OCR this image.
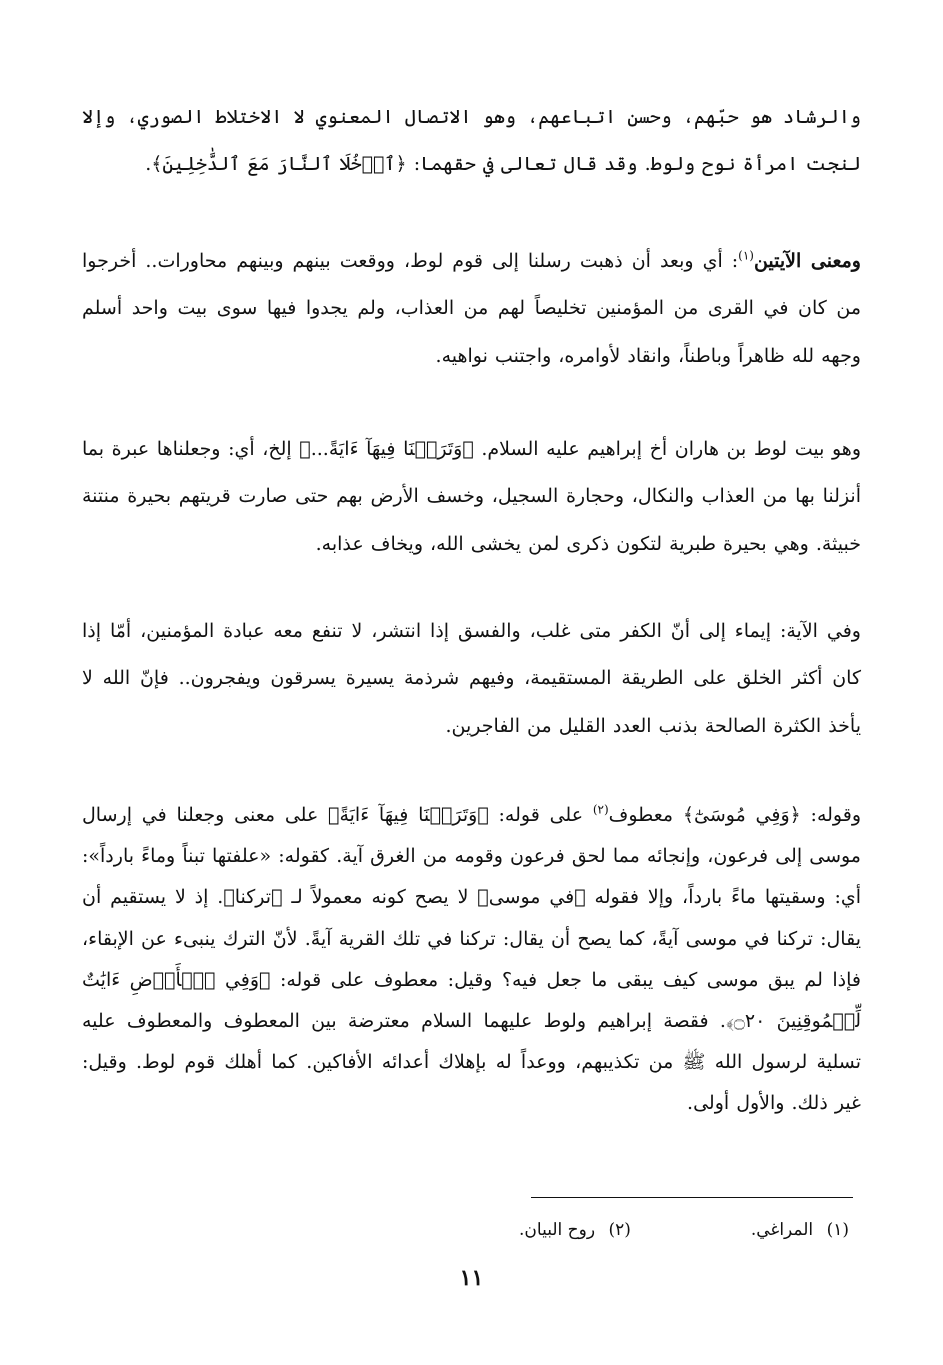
والرشاد هو حبّهم، وحسن اتباعهم، وهو الاتصال المعنوي لا الاختلاط الصوري، وإلا لنجت امرأة نوح ولوط. وقد قال تعالى في حقهما: ﴿ٱدۡخُلَا ٱلنَّارَ مَعَ ٱلدَّٰخِلِينَ﴾.

ومعنى الآيتين$^{(١)}$: أي وبعد أن ذهبت رسلنا إلى قوم لوط، ووقعت بينهم وبينهم محاورات.. أخرجوا من كان في القرى من المؤمنين تخليصاً لهم من العذاب، ولم يجدوا فيها سوى بيت واحد أسلم وجهه لله ظاهراً وباطناً، وانقاد لأوامره، واجتنب نواهيه.

وهو بيت لوط بن هاران أخ إبراهيم عليه السلام. ﴿وَتَرَكۡنَا فِيهَآ ءَايَةً...﴾ إلخ، أي: وجعلناها عبرة بما أنزلنا بها من العذاب والنكال، وحجارة السجيل، وخسف الأرض بهم حتى صارت قريتهم بحيرة منتنة خبيثة. وهي بحيرة طبرية لتكون ذكرى لمن يخشى الله، ويخاف عذابه.

وفي الآية: إيماء إلى أنّ الكفر متى غلب، والفسق إذا انتشر، لا تنفع معه عبادة المؤمنين، أمّا إذا كان أكثر الخلق على الطريقة المستقيمة، وفيهم شرذمة يسيرة يسرقون ويفجرون.. فإنّ الله لا يأخذ الكثرة الصالحة بذنب العدد القليل من الفاجرين.

وقوله: ﴿وَفِي مُوسَىٰٓ﴾ معطوف$^{(٢)}$ على قوله: ﴿وَتَرَكۡنَا فِيهَآ ءَايَةً﴾ على معنى وجعلنا في إرسال موسى إلى فرعون، وإنجائه مما لحق فرعون وقومه من الغرق آية. كقوله: «علفتها تبناً وماءً بارداً»: أي: وسقيتها ماءً بارداً، وإلا فقوله ﴿في موسى﴾ لا يصح كونه معمولاً لـ ﴿تركنا﴾. إذ لا يستقيم أن يقال: تركنا في موسى آيةً، كما يصح أن يقال: تركنا في تلك القرية آيةً. لأنّ الترك ينبىء عن الإبقاء، فإذا لم يبق موسى كيف يبقى ما جعل فيه؟ وقيل: معطوف على قوله: ﴿وَفِي ٱلۡأَرۡضِ ءَايَٰتٌ لِّلۡمُوقِنِينَ ۝٢٠﴾. فقصة إبراهيم ولوط عليهما السلام معترضة بين المعطوف والمعطوف عليه تسلية لرسول الله ﷺ من تكذيبهم، ووعداً له بإهلاك أعدائه الأفاكين. كما أهلك قوم لوط. وقيل: غير ذلك. والأول أولى.

(١) المراغي.
(٢) روح البيان.
١١
